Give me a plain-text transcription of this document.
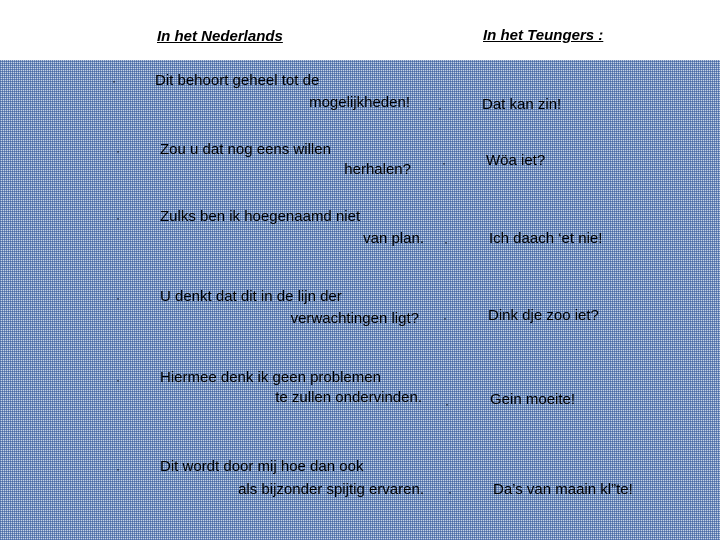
In het Nederlands	In het Teungers :
·	Dit behoort geheel tot de
mogelijkheden! ·	Dat kan zin!
·	Zou u dat nog eens willen
herhalen?	·	Wöa iet?
·	Zulks ben ik hoegenaamd niet
van plan. ·	Ich daach ‘et nie!
·	U denkt dat dit in de lijn der
verwachtingen ligt? ·	Dink dje zoo iet?
·	Hiermee denk ik geen problemen
te zullen ondervinden. ·	Gein moeite!
·	Dit wordt door mij hoe dan ook
als bijzonder spijtig ervaren. ·	Da’s van maain kl”te!
